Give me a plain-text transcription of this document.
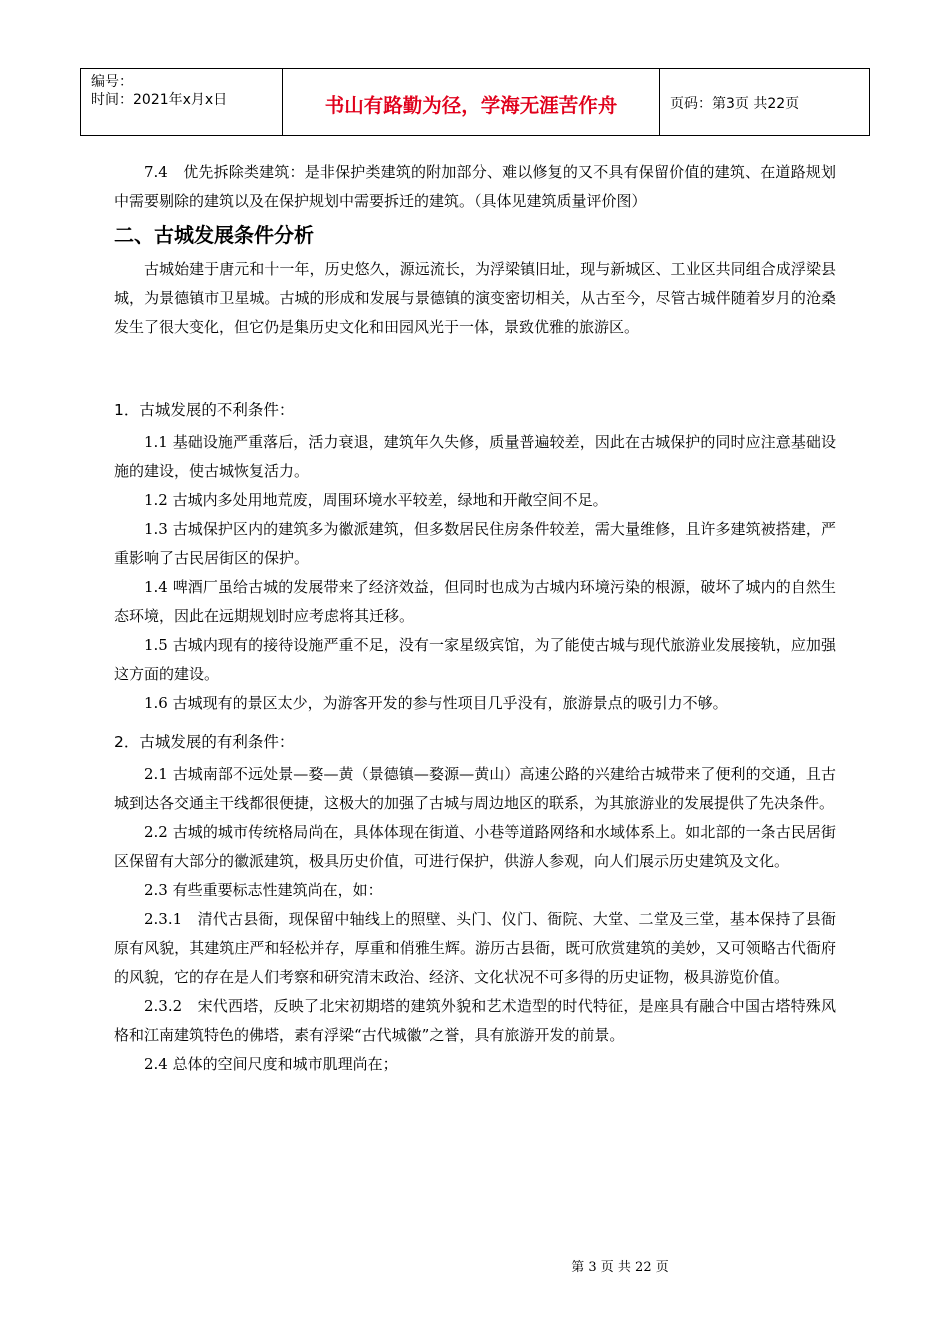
编号：
时间：2021年x月x日	书山有路勤为径，学海无涯苦作舟	页码：第3页 共22页

7.4　优先拆除类建筑：是非保护类建筑的附加部分、难以修复的又不具有保留价值的建筑、在道路规划中需要剔除的建筑以及在保护规划中需要拆迁的建筑。（具体见建筑质量评价图）

二、古城发展条件分析

古城始建于唐元和十一年，历史悠久，源远流长，为浮梁镇旧址，现与新城区、工业区共同组合成浮梁县城，为景德镇市卫星城。古城的形成和发展与景德镇的演变密切相关，从古至今，尽管古城伴随着岁月的沧桑发生了很大变化，但它仍是集历史文化和田园风光于一体，景致优雅的旅游区。

1．古城发展的不利条件：

1.1 基础设施严重落后，活力衰退，建筑年久失修，质量普遍较差，因此在古城保护的同时应注意基础设施的建设，使古城恢复活力。

1.2 古城内多处用地荒废，周围环境水平较差，绿地和开敞空间不足。

1.3 古城保护区内的建筑多为徽派建筑，但多数居民住房条件较差，需大量维修，且许多建筑被搭建，严重影响了古民居街区的保护。

1.4 啤酒厂虽给古城的发展带来了经济效益，但同时也成为古城内环境污染的根源，破坏了城内的自然生态环境，因此在远期规划时应考虑将其迁移。

1.5 古城内现有的接待设施严重不足，没有一家星级宾馆，为了能使古城与现代旅游业发展接轨，应加强这方面的建设。

1.6 古城现有的景区太少，为游客开发的参与性项目几乎没有，旅游景点的吸引力不够。

2．古城发展的有利条件：

2.1 古城南部不远处景—婺—黄（景德镇—婺源—黄山）高速公路的兴建给古城带来了便利的交通，且古城到达各交通主干线都很便捷，这极大的加强了古城与周边地区的联系，为其旅游业的发展提供了先决条件。

2.2 古城的城市传统格局尚在，具体体现在街道、小巷等道路网络和水域体系上。如北部的一条古民居街区保留有大部分的徽派建筑，极具历史价值，可进行保护，供游人参观，向人们展示历史建筑及文化。

2.3 有些重要标志性建筑尚在，如：

2.3.1　清代古县衙，现保留中轴线上的照壁、头门、仪门、衙院、大堂、二堂及三堂，基本保持了县衙原有风貌，其建筑庄严和轻松并存，厚重和俏雅生辉。游历古县衙，既可欣赏建筑的美妙，又可领略古代衙府的风貌，它的存在是人们考察和研究清末政治、经济、文化状况不可多得的历史证物，极具游览价值。

2.3.2　宋代西塔，反映了北宋初期塔的建筑外貌和艺术造型的时代特征，是座具有融合中国古塔特殊风格和江南建筑特色的佛塔，素有浮梁“古代城徽”之誉，具有旅游开发的前景。

2.4 总体的空间尺度和城市肌理尚在；

第 3 页 共 22 页
